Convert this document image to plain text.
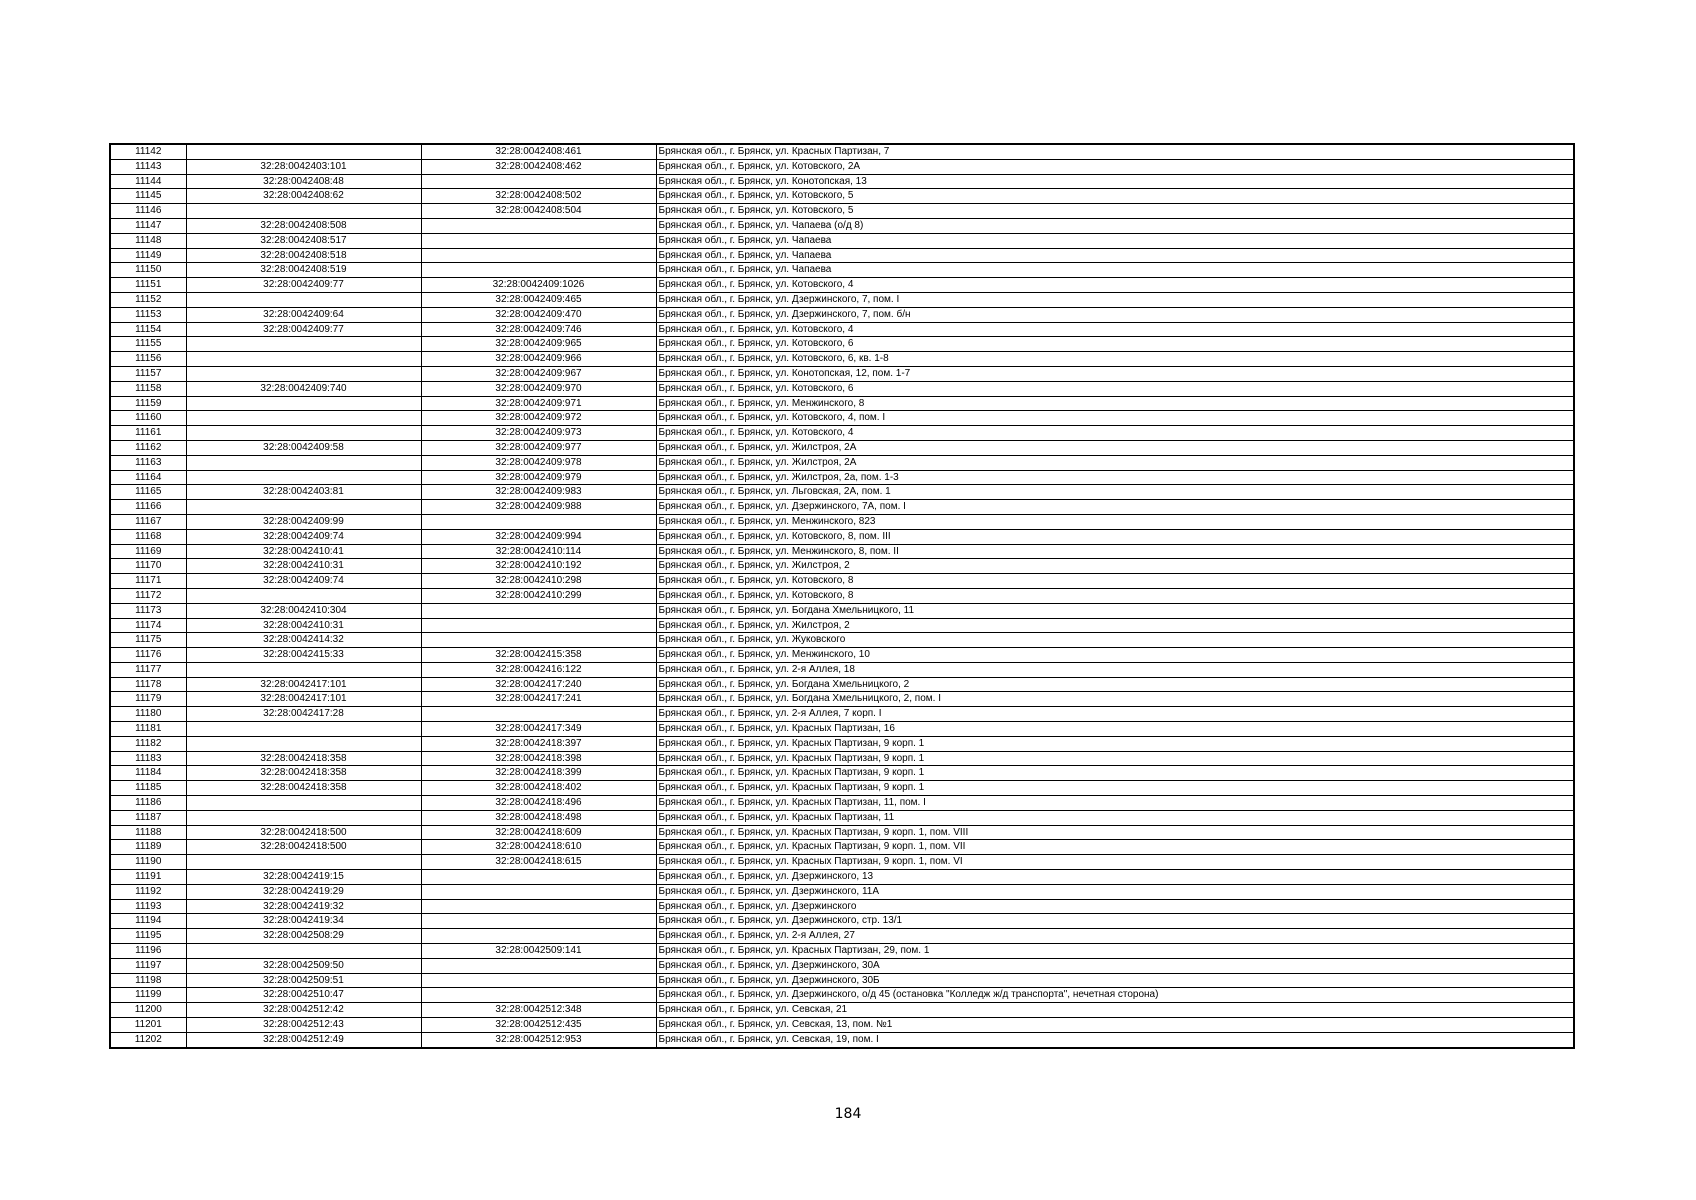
11142		32:28:0042408:461	Брянская обл., г. Брянск, ул. Красных Партизан, 7
11143	32:28:0042403:101	32:28:0042408:462	Брянская обл., г. Брянск, ул. Котовского, 2А
11144	32:28:0042408:48		Брянская обл., г. Брянск, ул. Конотопская, 13
11145	32:28:0042408:62	32:28:0042408:502	Брянская обл., г. Брянск, ул. Котовского, 5
11146		32:28:0042408:504	Брянская обл., г. Брянск, ул. Котовского, 5
11147	32:28:0042408:508		Брянская обл., г. Брянск, ул. Чапаева (о/д 8)
11148	32:28:0042408:517		Брянская обл., г. Брянск, ул. Чапаева
11149	32:28:0042408:518		Брянская обл., г. Брянск, ул. Чапаева
11150	32:28:0042408:519		Брянская обл., г. Брянск, ул. Чапаева
11151	32:28:0042409:77	32:28:0042409:1026	Брянская обл., г. Брянск, ул. Котовского, 4
11152		32:28:0042409:465	Брянская обл., г. Брянск, ул. Дзержинского, 7, пом. I
11153	32:28:0042409:64	32:28:0042409:470	Брянская обл., г. Брянск, ул. Дзержинского, 7, пом. б/н
11154	32:28:0042409:77	32:28:0042409:746	Брянская обл., г. Брянск, ул. Котовского, 4
11155		32:28:0042409:965	Брянская обл., г. Брянск, ул. Котовского, 6
11156		32:28:0042409:966	Брянская обл., г. Брянск, ул. Котовского, 6, кв. 1-8
11157		32:28:0042409:967	Брянская обл., г. Брянск, ул. Конотопская, 12, пом. 1-7
11158	32:28:0042409:740	32:28:0042409:970	Брянская обл., г. Брянск, ул. Котовского, 6
11159		32:28:0042409:971	Брянская обл., г. Брянск, ул. Менжинского, 8
11160		32:28:0042409:972	Брянская обл., г. Брянск, ул. Котовского, 4, пом. I
11161		32:28:0042409:973	Брянская обл., г. Брянск, ул. Котовского, 4
11162	32:28:0042409:58	32:28:0042409:977	Брянская обл., г. Брянск, ул. Жилстроя, 2А
11163		32:28:0042409:978	Брянская обл., г. Брянск, ул. Жилстроя, 2А
11164		32:28:0042409:979	Брянская обл., г. Брянск, ул. Жилстроя, 2а, пом. 1-3
11165	32:28:0042403:81	32:28:0042409:983	Брянская обл., г. Брянск, ул. Льговская, 2А, пом. 1
11166		32:28:0042409:988	Брянская обл., г. Брянск, ул. Дзержинского, 7А, пом. I
11167	32:28:0042409:99		Брянская обл., г. Брянск, ул. Менжинского, 823
11168	32:28:0042409:74	32:28:0042409:994	Брянская обл., г. Брянск, ул. Котовского, 8, пом. III
11169	32:28:0042410:41	32:28:0042410:114	Брянская обл., г. Брянск, ул. Менжинского, 8, пом. II
11170	32:28:0042410:31	32:28:0042410:192	Брянская обл., г. Брянск, ул. Жилстроя, 2
11171	32:28:0042409:74	32:28:0042410:298	Брянская обл., г. Брянск, ул. Котовского, 8
11172		32:28:0042410:299	Брянская обл., г. Брянск, ул. Котовского, 8
11173	32:28:0042410:304		Брянская обл., г. Брянск, ул. Богдана Хмельницкого, 11
11174	32:28:0042410:31		Брянская обл., г. Брянск, ул. Жилстроя, 2
11175	32:28:0042414:32		Брянская обл., г. Брянск, ул. Жуковского
11176	32:28:0042415:33	32:28:0042415:358	Брянская обл., г. Брянск, ул. Менжинского, 10
11177		32:28:0042416:122	Брянская обл., г. Брянск, ул. 2-я Аллея, 18
11178	32:28:0042417:101	32:28:0042417:240	Брянская обл., г. Брянск, ул. Богдана Хмельницкого, 2
11179	32:28:0042417:101	32:28:0042417:241	Брянская обл., г. Брянск, ул. Богдана Хмельницкого, 2, пом. I
11180	32:28:0042417:28		Брянская обл., г. Брянск, ул. 2-я Аллея, 7 корп. I
11181		32:28:0042417:349	Брянская обл., г. Брянск, ул. Красных Партизан, 16
11182		32:28:0042418:397	Брянская обл., г. Брянск, ул. Красных Партизан, 9 корп. 1
11183	32:28:0042418:358	32:28:0042418:398	Брянская обл., г. Брянск, ул. Красных Партизан, 9 корп. 1
11184	32:28:0042418:358	32:28:0042418:399	Брянская обл., г. Брянск, ул. Красных Партизан, 9 корп. 1
11185	32:28:0042418:358	32:28:0042418:402	Брянская обл., г. Брянск, ул. Красных Партизан, 9 корп. 1
11186		32:28:0042418:496	Брянская обл., г. Брянск, ул. Красных Партизан, 11, пом. I
11187		32:28:0042418:498	Брянская обл., г. Брянск, ул. Красных Партизан, 11
11188	32:28:0042418:500	32:28:0042418:609	Брянская обл., г. Брянск, ул. Красных Партизан, 9 корп. 1, пом. VIII
11189	32:28:0042418:500	32:28:0042418:610	Брянская обл., г. Брянск, ул. Красных Партизан, 9 корп. 1, пом. VII
11190		32:28:0042418:615	Брянская обл., г. Брянск, ул. Красных Партизан, 9 корп. 1, пом. VI
11191	32:28:0042419:15		Брянская обл., г. Брянск, ул. Дзержинского, 13
11192	32:28:0042419:29		Брянская обл., г. Брянск, ул. Дзержинского, 11А
11193	32:28:0042419:32		Брянская обл., г. Брянск, ул. Дзержинского
11194	32:28:0042419:34		Брянская обл., г. Брянск, ул. Дзержинского, стр. 13/1
11195	32:28:0042508:29		Брянская обл., г. Брянск, ул. 2-я Аллея, 27
11196		32:28:0042509:141	Брянская обл., г. Брянск, ул. Красных Партизан, 29, пом. 1
11197	32:28:0042509:50		Брянская обл., г. Брянск, ул. Дзержинского, 30А
11198	32:28:0042509:51		Брянская обл., г. Брянск, ул. Дзержинского, 30Б
11199	32:28:0042510:47		Брянская обл., г. Брянск, ул. Дзержинского, о/д 45 (остановка "Колледж ж/д транспорта", нечетная сторона)
11200	32:28:0042512:42	32:28:0042512:348	Брянская обл., г. Брянск, ул. Севская, 21
11201	32:28:0042512:43	32:28:0042512:435	Брянская обл., г. Брянск, ул. Севская, 13, пом. №1
11202	32:28:0042512:49	32:28:0042512:953	Брянская обл., г. Брянск, ул. Севская, 19, пом. I
184
